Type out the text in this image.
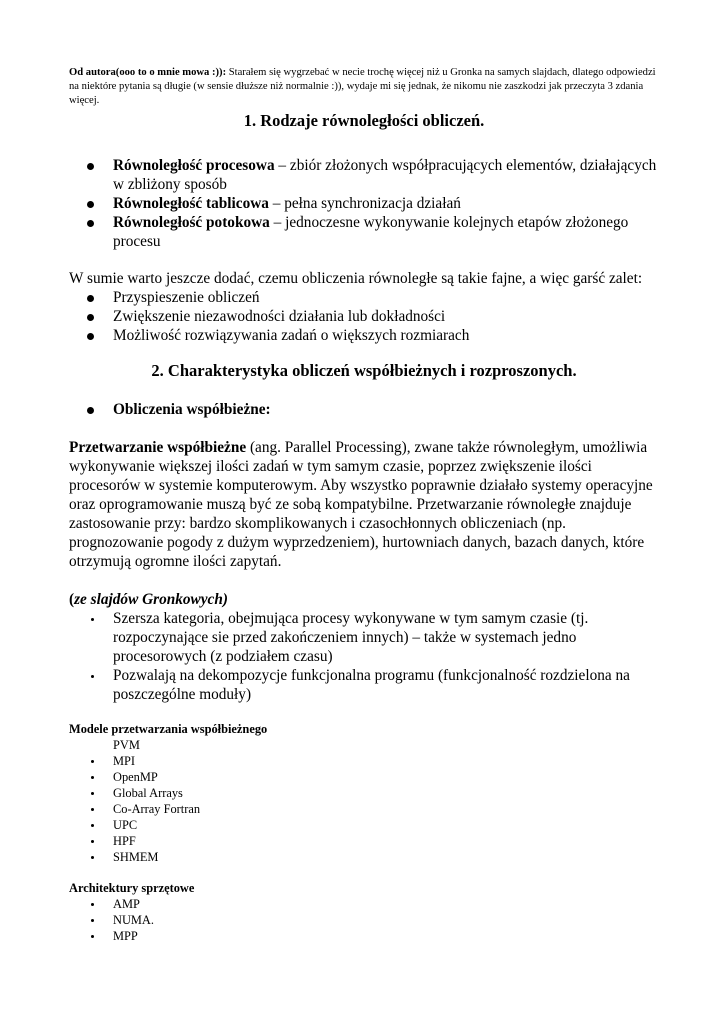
Od autora(ooo to o mnie mowa :)): Starałem się wygrzebać w necie trochę więcej niż u Gronka na samych slajdach, dlatego odpowiedzi na niektóre pytania są długie (w sensie dłuższe niż normalnie :)), wydaje mi się jednak, że nikomu nie zaszkodzi jak przeczyta 3 zdania więcej.

1. Rodzaje równoległości obliczeń.
Równoległość procesowa – zbiór złożonych współpracujących elementów, działających w zbliżony sposób
Równoległość tablicowa – pełna synchronizacja działań
Równoległość potokowa – jednoczesne wykonywanie kolejnych etapów złożonego procesu

W sumie warto jeszcze dodać, czemu obliczenia równoległe są takie fajne, a więc garść zalet:

Przyspieszenie obliczeń
Zwiększenie niezawodności działania lub dokładności
Możliwość rozwiązywania zadań o większych rozmiarach
2. Charakterystyka obliczeń współbieżnych i rozproszonych.
Obliczenia współbieżne:

Przetwarzanie współbieżne (ang. Parallel Processing), zwane także równoległym, umożliwia wykonywanie większej ilości zadań w tym samym czasie, poprzez zwiększenie ilości procesorów w systemie komputerowym. Aby wszystko poprawnie działało systemy operacyjne oraz oprogramowanie muszą być ze sobą kompatybilne. Przetwarzanie równoległe znajduje zastosowanie przy: bardzo skomplikowanych i czasochłonnych obliczeniach (np. prognozowanie pogody z dużym wyprzedzeniem), hurtowniach danych, bazach danych, które otrzymują ogromne ilości zapytań.

(ze slajdów Gronkowych)

Szersza kategoria, obejmująca procesy wykonywane w tym samym czasie (tj. rozpoczynające sie przed zakończeniem innych) – także w systemach jedno procesorowych (z podziałem czasu)
Pozwalają na dekompozycje funkcjonalna programu (funkcjonalność rozdzielona na poszczególne moduły)

Modele przetwarzania współbieżnego

PVM
MPI
OpenMP
Global Arrays
Co-Array Fortran
UPC
HPF
SHMEM

Architektury sprzętowe

AMP
NUMA.
MPP
